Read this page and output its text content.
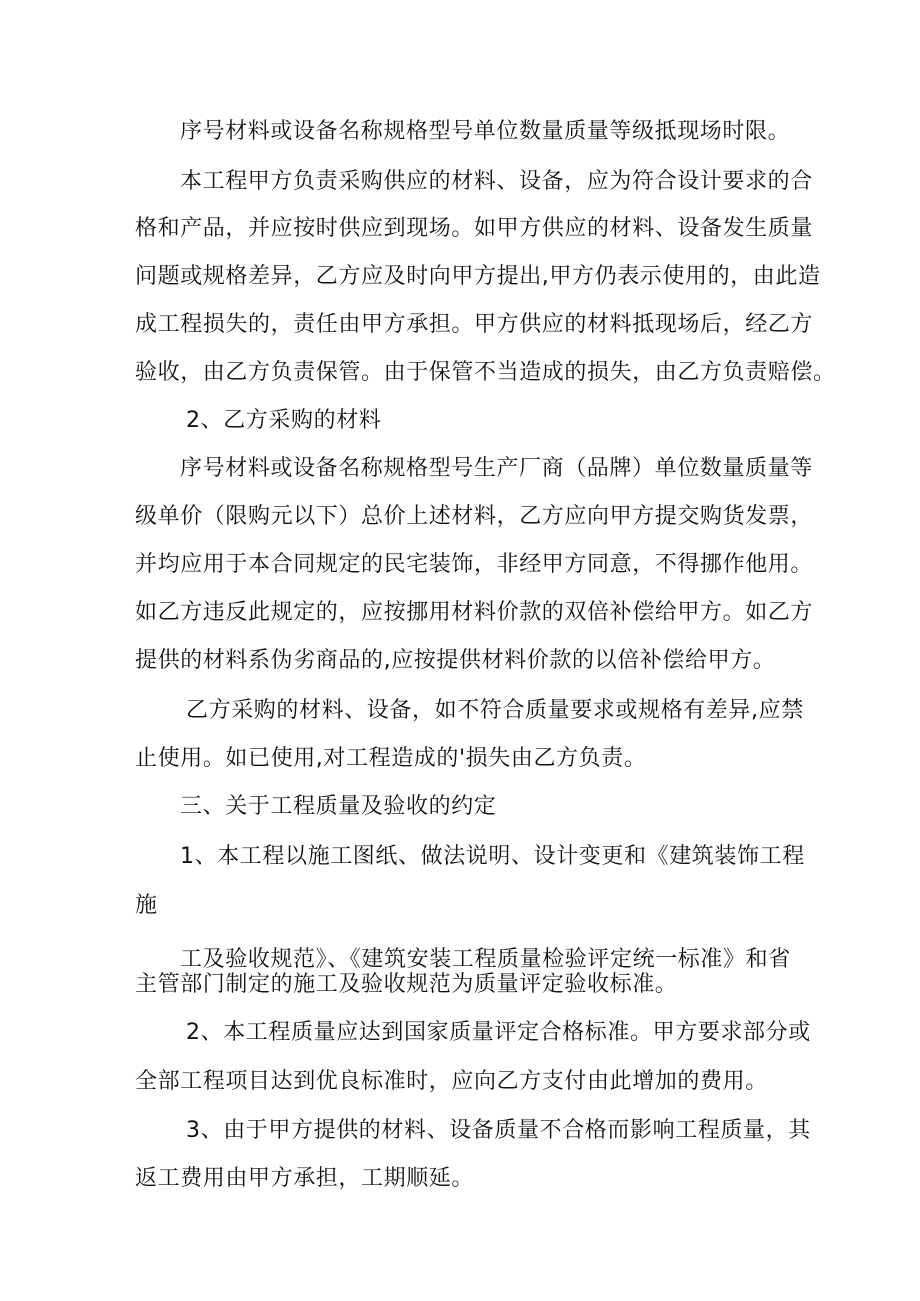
序号材料或设备名称规格型号单位数量质量等级抵现场时限。

本工程甲方负责采购供应的材料、设备，应为符合设计要求的合

格和产品，并应按时供应到现场。如甲方供应的材料、设备发生质量

问题或规格差异，乙方应及时向甲方提出,甲方仍表示使用的，由此造

成工程损失的，责任由甲方承担。甲方供应的材料抵现场后，经乙方

验收，由乙方负责保管。由于保管不当造成的损失，由乙方负责赔偿。

2、乙方采购的材料

序号材料或设备名称规格型号生产厂商（品牌）单位数量质量等

级单价（限购元以下）总价上述材料，乙方应向甲方提交购货发票，

并均应用于本合同规定的民宅装饰，非经甲方同意，不得挪作他用。

如乙方违反此规定的，应按挪用材料价款的双倍补偿给甲方。如乙方

提供的材料系伪劣商品的,应按提供材料价款的以倍补偿给甲方。

乙方采购的材料、设备，如不符合质量要求或规格有差异,应禁

止使用。如已使用,对工程造成的'损失由乙方负责。

三、关于工程质量及验收的约定

1、本工程以施工图纸、做法说明、设计变更和《建筑装饰工程

施

工及验收规范》、《建筑安装工程质量检验评定统一标准》和省

主管部门制定的施工及验收规范为质量评定验收标准。

2、本工程质量应达到国家质量评定合格标准。甲方要求部分或

全部工程项目达到优良标准时，应向乙方支付由此增加的费用。

3、由于甲方提供的材料、设备质量不合格而影响工程质量，其

返工费用由甲方承担，工期顺延。
